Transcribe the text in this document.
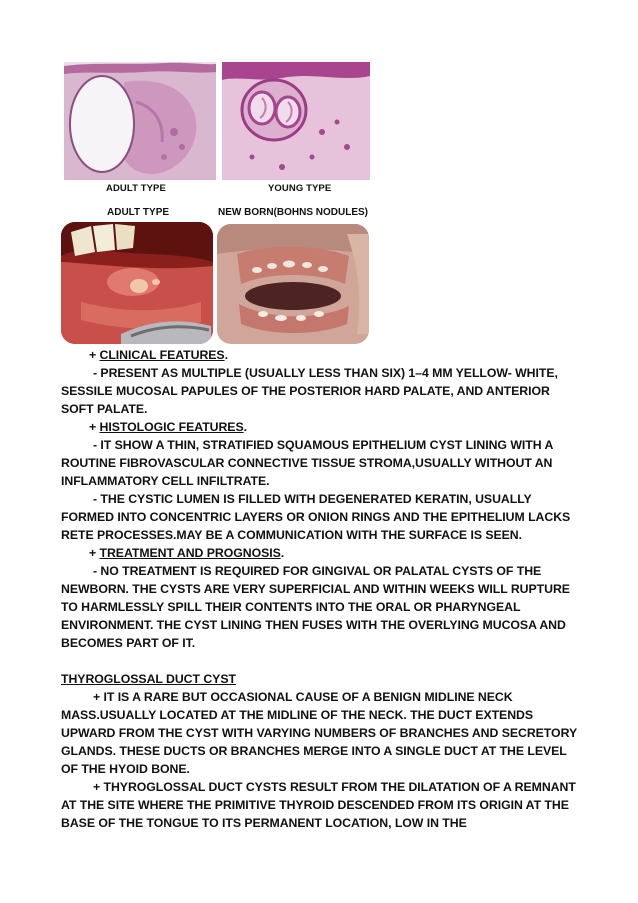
ADULT TYPE	YOUNG TYPE
ADULT TYPE	NEW BORN(BOHNS NODULES)

+ CLINICAL FEATURES.

- PRESENT AS MULTIPLE (USUALLY LESS THAN SIX) 1–4 MM YELLOW- WHITE, SESSILE MUCOSAL PAPULES OF THE POSTERIOR HARD PALATE, AND ANTERIOR SOFT PALATE.

+ HISTOLOGIC FEATURES.

- IT SHOW A THIN, STRATIFIED SQUAMOUS EPITHELIUM CYST LINING WITH A ROUTINE FIBROVASCULAR CONNECTIVE TISSUE STROMA,USUALLY WITHOUT AN INFLAMMATORY CELL INFILTRATE.

- THE CYSTIC LUMEN IS FILLED WITH DEGENERATED KERATIN, USUALLY FORMED INTO CONCENTRIC LAYERS OR ONION RINGS AND THE EPITHELIUM LACKS RETE PROCESSES.MAY BE A COMMUNICATION WITH THE SURFACE IS SEEN.

+ TREATMENT AND PROGNOSIS.

- NO TREATMENT IS REQUIRED FOR GINGIVAL OR PALATAL CYSTS OF THE NEWBORN. THE CYSTS ARE VERY SUPERFICIAL AND WITHIN WEEKS WILL RUPTURE TO HARMLESSLY SPILL THEIR CONTENTS INTO THE ORAL OR PHARYNGEAL ENVIRONMENT. THE CYST LINING THEN FUSES WITH THE OVERLYING MUCOSA AND BECOMES PART OF IT.

THYROGLOSSAL DUCT CYST

+ IT IS A RARE BUT OCCASIONAL CAUSE OF A BENIGN MIDLINE NECK MASS.USUALLY LOCATED AT THE MIDLINE OF THE NECK. THE DUCT EXTENDS UPWARD FROM THE CYST WITH VARYING NUMBERS OF BRANCHES AND SECRETORY GLANDS. THESE DUCTS OR BRANCHES MERGE INTO A SINGLE DUCT AT THE LEVEL OF THE HYOID BONE.

+ THYROGLOSSAL DUCT CYSTS RESULT FROM THE DILATATION OF A REMNANT AT THE SITE WHERE THE PRIMITIVE THYROID DESCENDED FROM ITS ORIGIN AT THE BASE OF THE TONGUE TO ITS PERMANENT LOCATION, LOW IN THE
